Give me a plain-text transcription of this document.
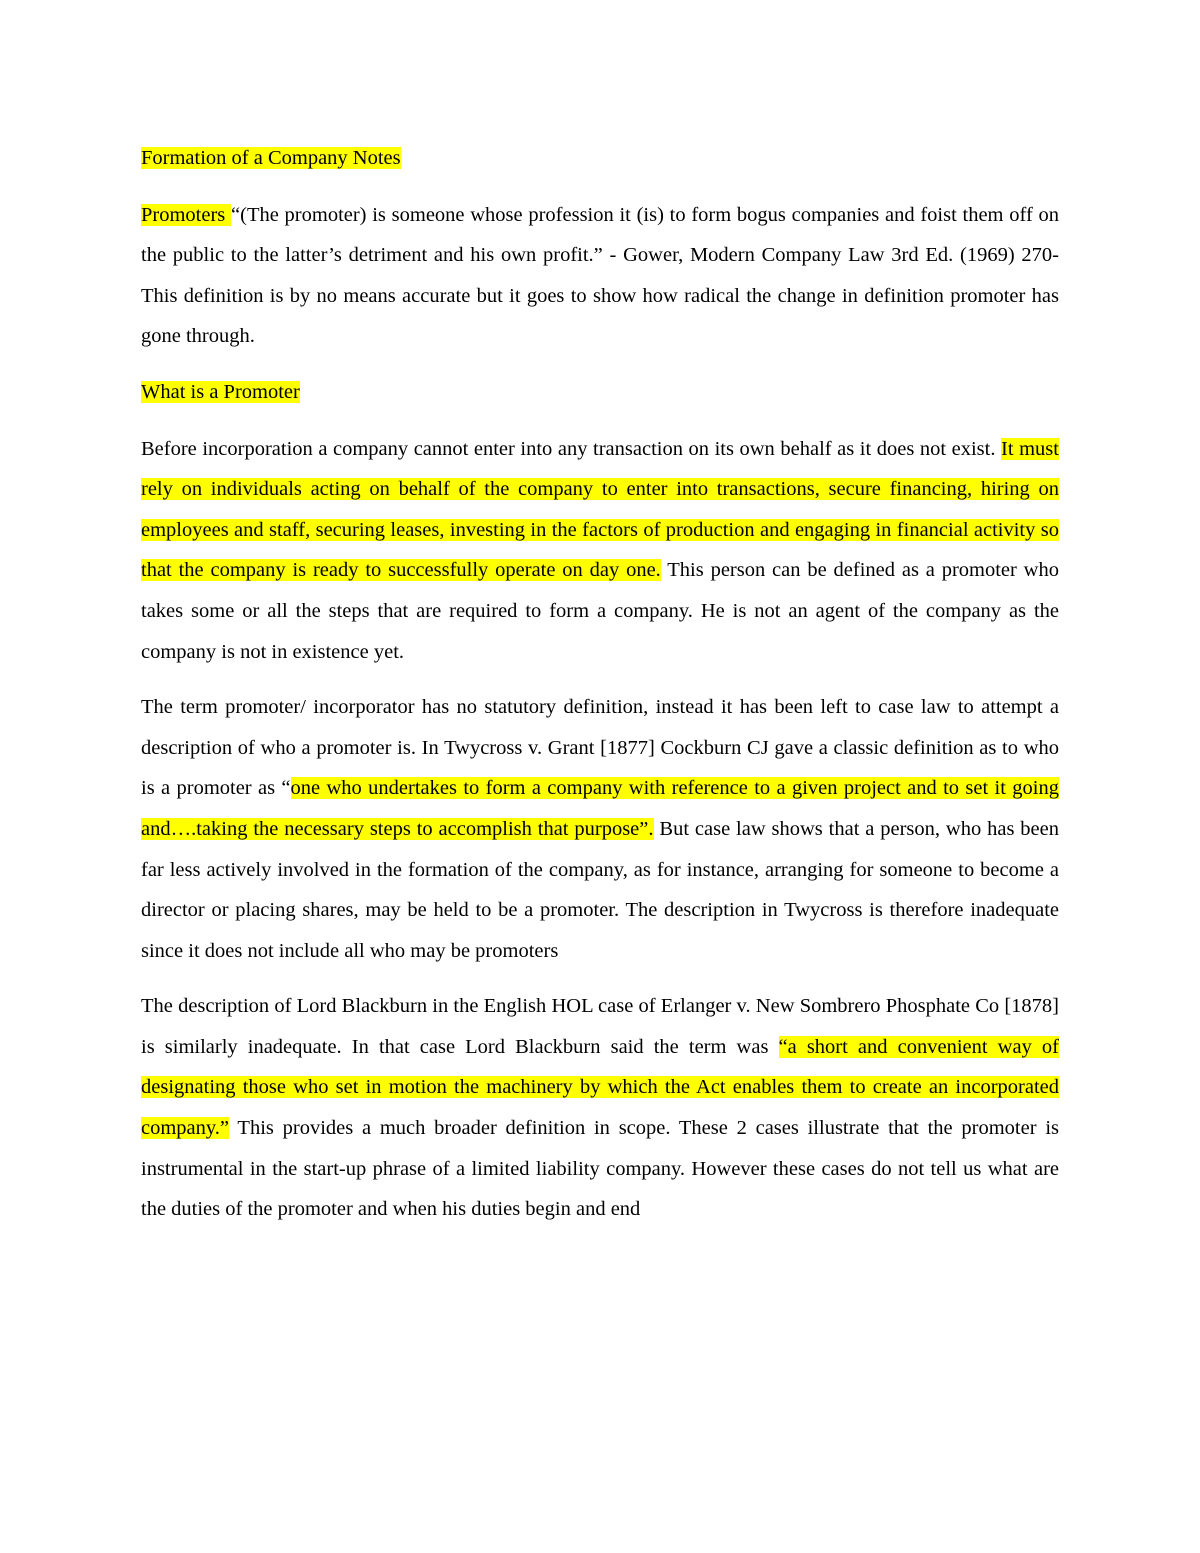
Formation of a Company Notes

Promoters “(The promoter) is someone whose profession it (is) to form bogus companies and foist them off on the public to the latter’s detriment and his own profit.” - Gower, Modern Company Law 3rd Ed. (1969) 270- This definition is by no means accurate but it goes to show how radical the change in definition promoter has gone through.

What is a Promoter

Before incorporation a company cannot enter into any transaction on its own behalf as it does not exist. It must rely on individuals acting on behalf of the company to enter into transactions, secure financing, hiring on employees and staff, securing leases, investing in the factors of production and engaging in financial activity so that the company is ready to successfully operate on day one. This person can be defined as a promoter who takes some or all the steps that are required to form a company. He is not an agent of the company as the company is not in existence yet.

The term promoter/ incorporator has no statutory definition, instead it has been left to case law to attempt a description of who a promoter is. In Twycross v. Grant [1877] Cockburn CJ gave a classic definition as to who is a promoter as “one who undertakes to form a company with reference to a given project and to set it going and….taking the necessary steps to accomplish that purpose”. But case law shows that a person, who has been far less actively involved in the formation of the company, as for instance, arranging for someone to become a director or placing shares, may be held to be a promoter. The description in Twycross is therefore inadequate since it does not include all who may be promoters

The description of Lord Blackburn in the English HOL case of Erlanger v. New Sombrero Phosphate Co [1878] is similarly inadequate. In that case Lord Blackburn said the term was “a short and convenient way of designating those who set in motion the machinery by which the Act enables them to create an incorporated company.” This provides a much broader definition in scope. These 2 cases illustrate that the promoter is instrumental in the start-up phrase of a limited liability company. However these cases do not tell us what are the duties of the promoter and when his duties begin and end
